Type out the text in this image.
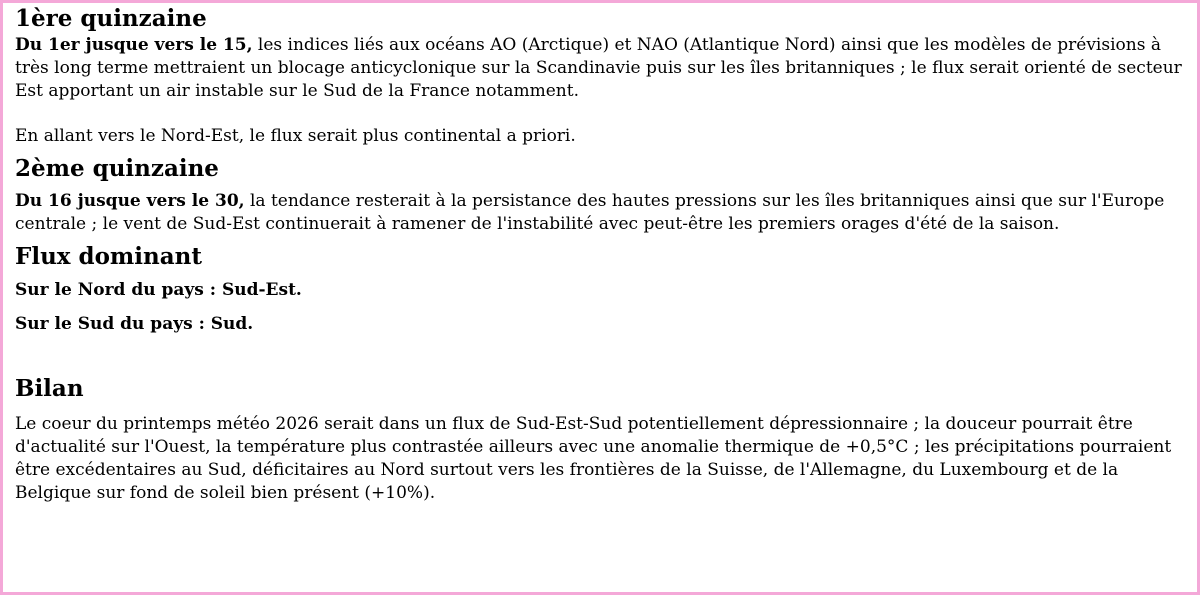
1ère quinzaine

Du 1er jusque vers le 15, les indices liés aux océans AO (Arctique) et NAO (Atlantique Nord) ainsi que les modèles de prévisions à très long terme mettraient un blocage anticyclonique sur la Scandinavie puis sur les îles britanniques ; le flux serait orienté de secteur Est apportant un air instable sur le Sud de la France notamment.

En allant vers le Nord-Est, le flux serait plus continental a priori.

2ème quinzaine

Du 16 jusque vers le 30, la tendance resterait à la persistance des hautes pressions sur les îles britanniques ainsi que sur l'Europe centrale ; le vent de Sud-Est continuerait à ramener de l'instabilité avec peut-être les premiers orages d'été de la saison.

Flux dominant

Sur le Nord du pays : Sud-Est.

Sur le Sud du pays : Sud.

Bilan

Le coeur du printemps météo 2026 serait dans un flux de Sud-Est-Sud potentiellement dépressionnaire ; la douceur pourrait être d'actualité sur l'Ouest, la température plus contrastée ailleurs avec une anomalie thermique de +0,5°C ; les précipitations pourraient être excédentaires au Sud, déficitaires au Nord surtout vers les frontières de la Suisse, de l'Allemagne, du Luxembourg et de la Belgique sur fond de soleil bien présent (+10%).
